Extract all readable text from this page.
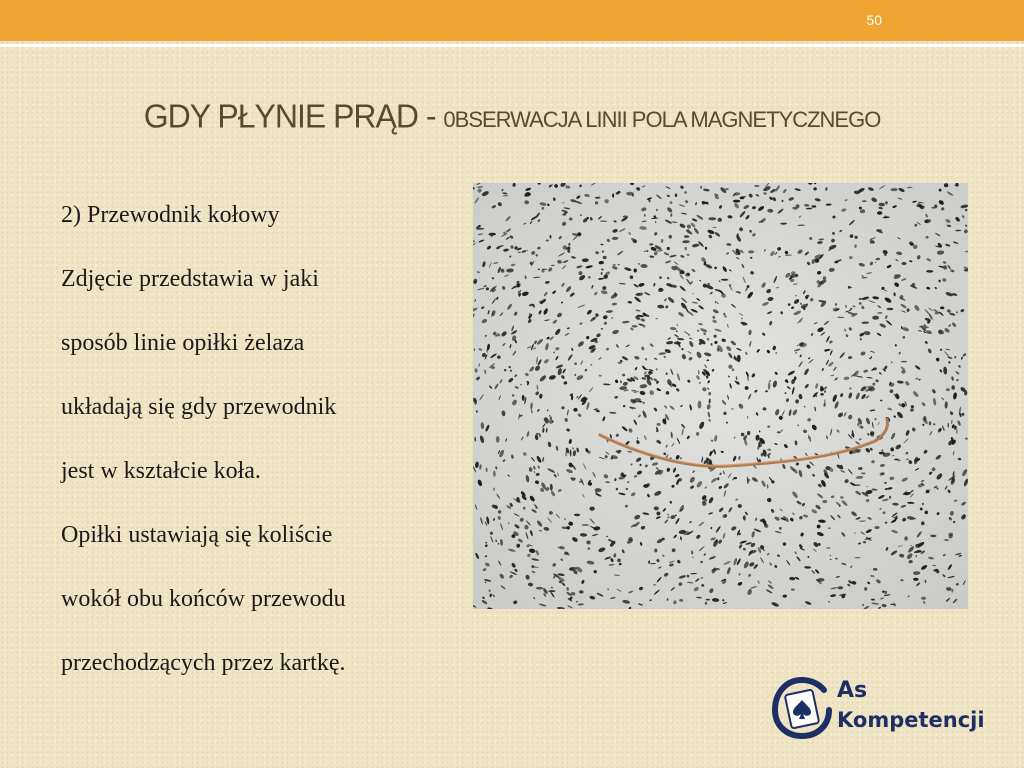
50
GDY PŁYNIE PRĄD - 0BSERWACJA LINII POLA MAGNETYCZNEGO

2) Przewodnik kołowy

Zdjęcie przedstawia w jaki

sposób linie opiłki żelaza

układają się gdy przewodnik

jest w kształcie koła.

Opiłki ustawiają się koliście

wokół obu końców przewodu

przechodzących przez kartkę.

As
Kompetencji
